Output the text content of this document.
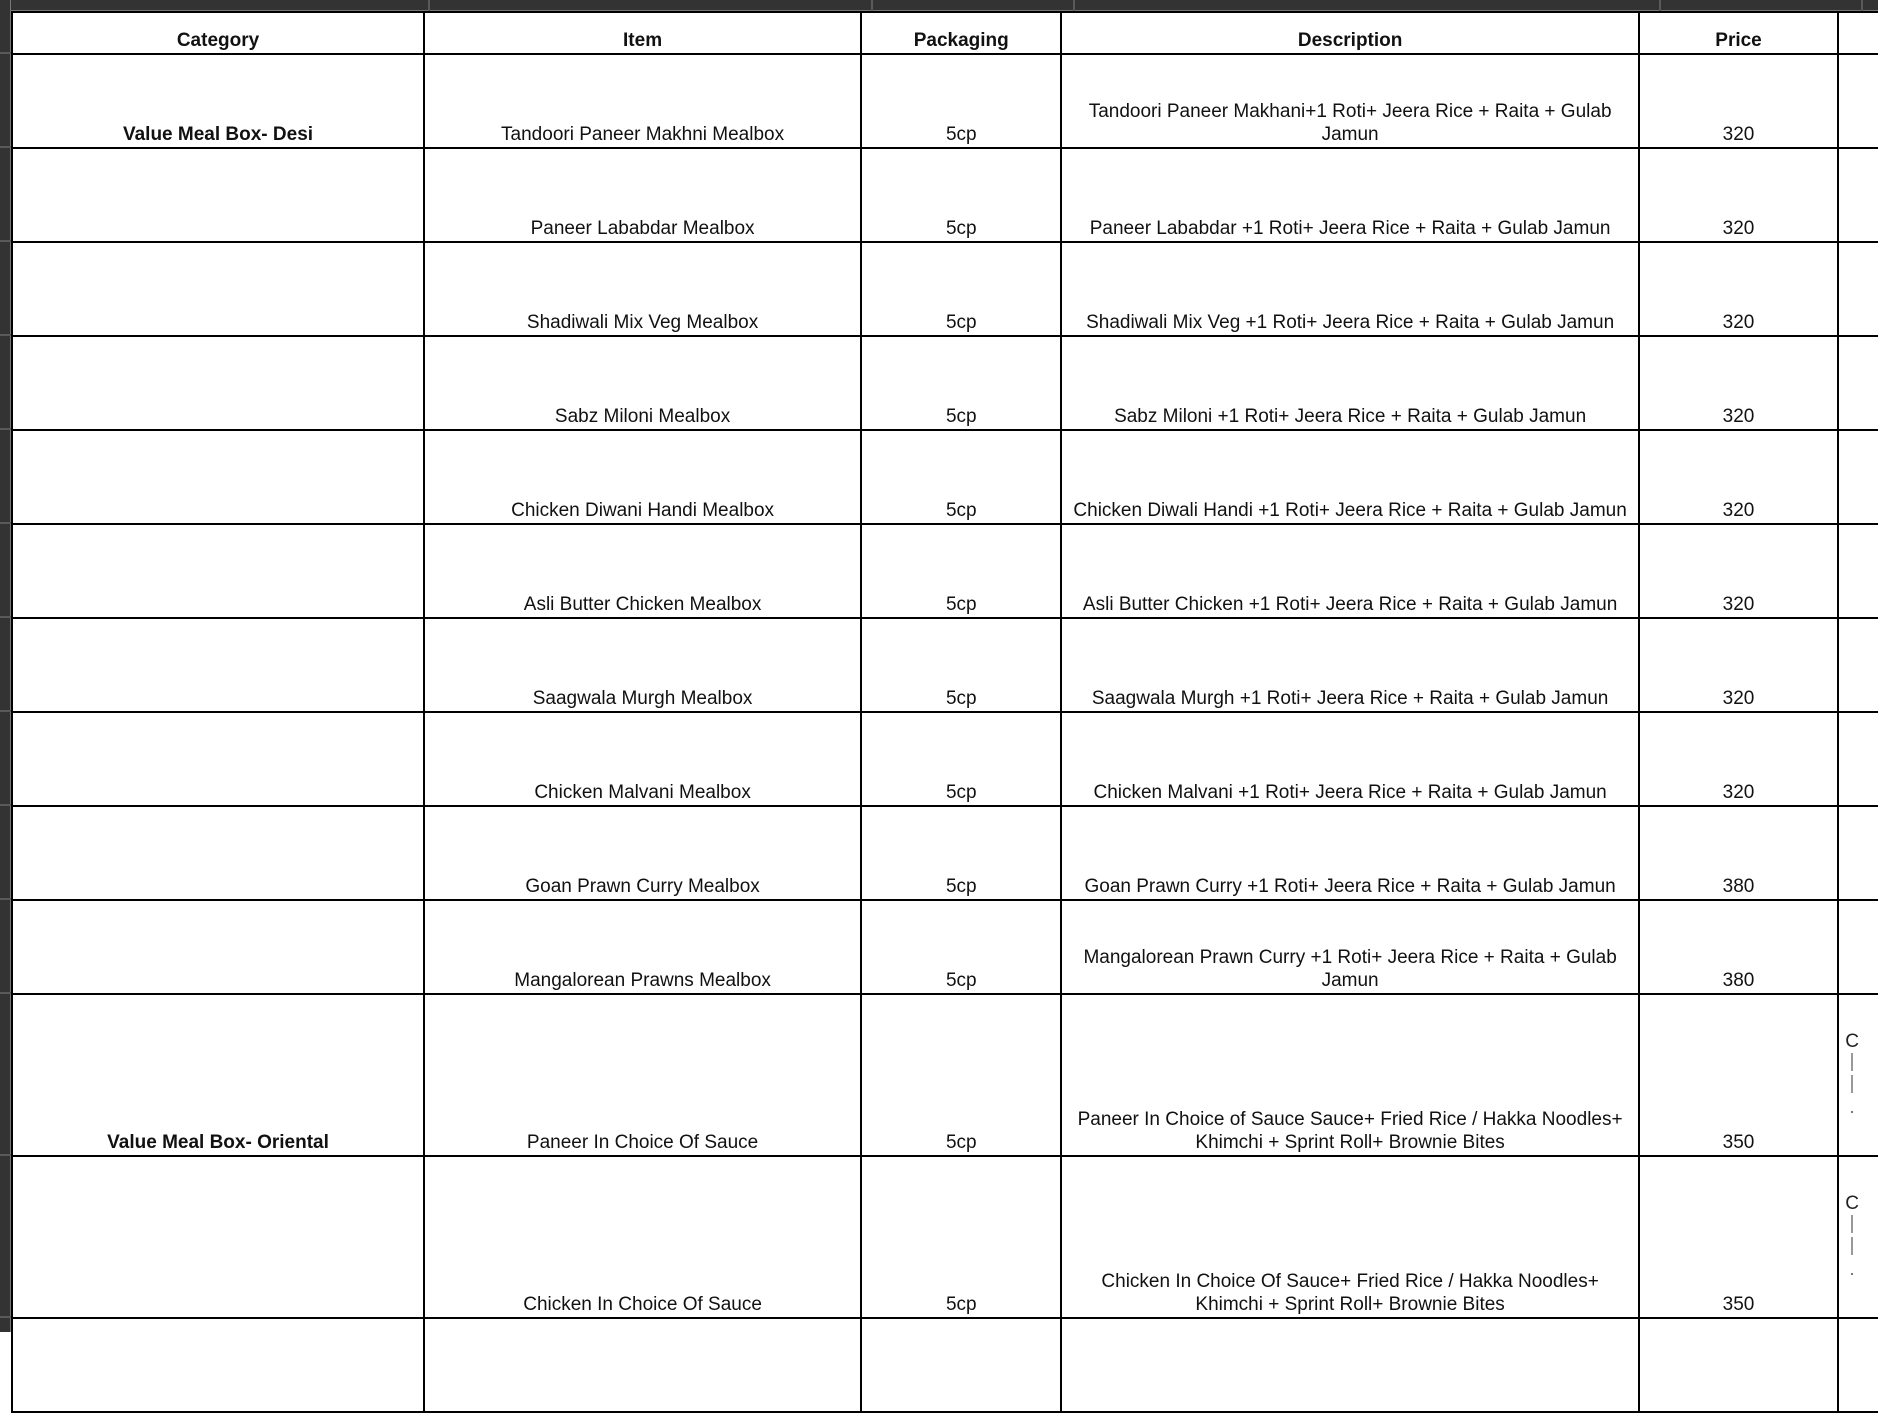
Category	Item	Packaging	Description	Price	
Value Meal Box- Desi	Tandoori Paneer Makhni Mealbox	5cp	Tandoori Paneer Makhani+1 Roti+ Jeera Rice + Raita + Gulab Jamun	320	
	Paneer Lababdar Mealbox	5cp	Paneer Lababdar +1 Roti+ Jeera Rice + Raita + Gulab Jamun	320	
	Shadiwali Mix Veg Mealbox	5cp	Shadiwali Mix Veg +1 Roti+ Jeera Rice + Raita + Gulab Jamun	320	
	Sabz Miloni Mealbox	5cp	Sabz Miloni +1 Roti+ Jeera Rice + Raita + Gulab Jamun	320	
	Chicken Diwani Handi Mealbox	5cp	Chicken Diwali Handi +1 Roti+ Jeera Rice + Raita + Gulab Jamun	320	
	Asli Butter Chicken Mealbox	5cp	Asli Butter Chicken +1 Roti+ Jeera Rice + Raita + Gulab Jamun	320	
	Saagwala Murgh Mealbox	5cp	Saagwala Murgh +1 Roti+ Jeera Rice + Raita + Gulab Jamun	320	
	Chicken Malvani Mealbox	5cp	Chicken Malvani +1 Roti+ Jeera Rice + Raita + Gulab Jamun	320	
	Goan Prawn Curry Mealbox	5cp	Goan Prawn Curry +1 Roti+ Jeera Rice + Raita + Gulab Jamun	380	
	Mangalorean Prawns Mealbox	5cp	Mangalorean Prawn Curry +1 Roti+ Jeera Rice + Raita + Gulab Jamun	380	
Value Meal Box- Oriental	Paneer In Choice Of Sauce	5cp	Paneer In Choice of Sauce Sauce+ Fried Rice / Hakka Noodles+ Khimchi + Sprint Roll+ Brownie Bites	350	C

	Chicken In Choice Of Sauce	5cp	Chicken In Choice Of Sauce+ Fried Rice / Hakka Noodles+ Khimchi + Sprint Roll+ Brownie Bites	350	C
